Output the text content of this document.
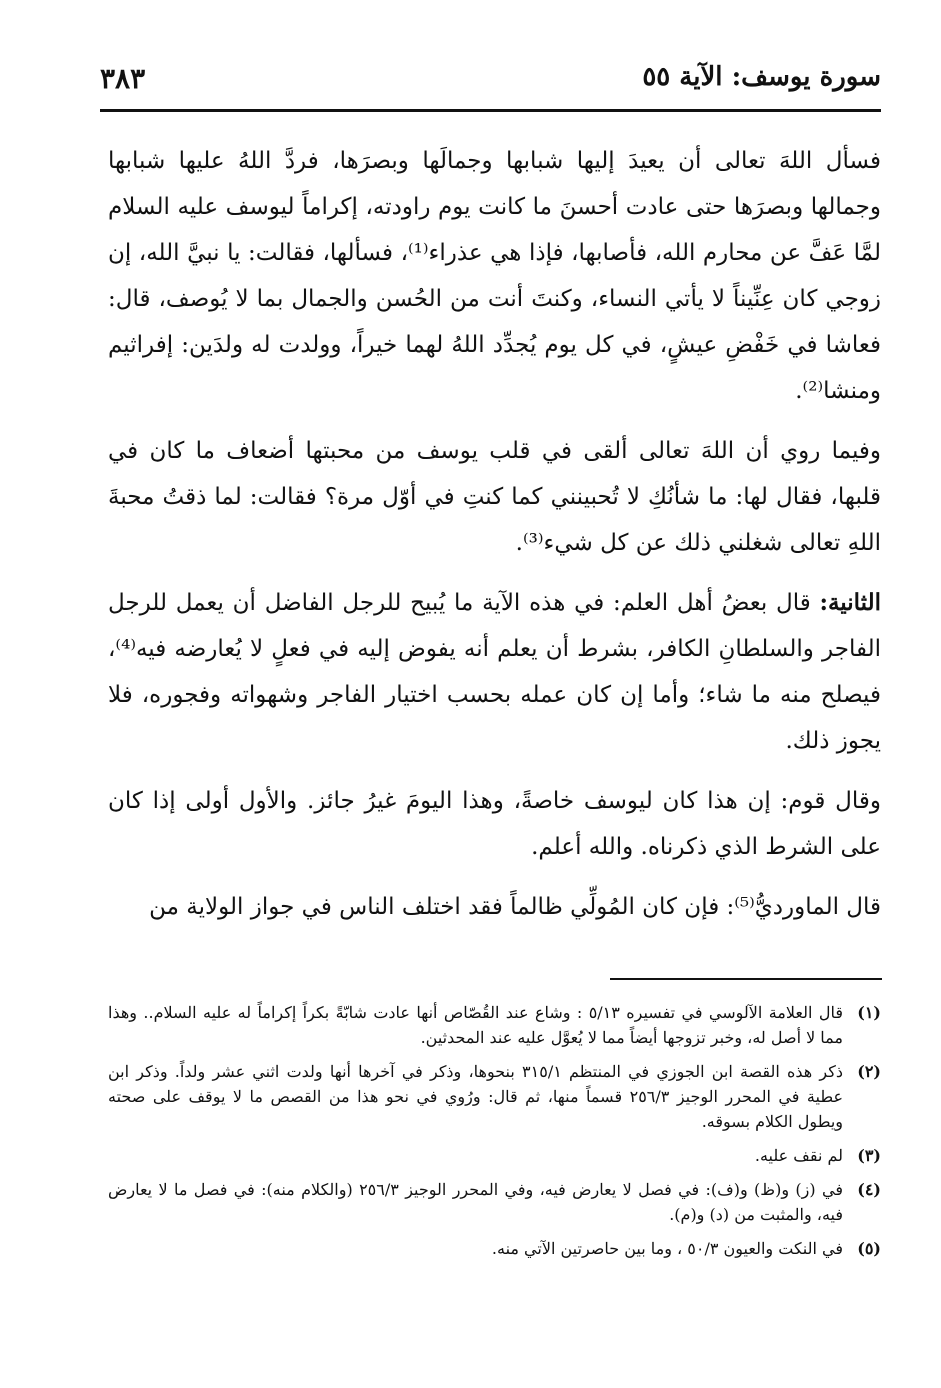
سورة يوسف: الآية ٥٥
٣٨٣

فسأل اللهَ تعالى أن يعيدَ إليها شبابها وجمالَها وبصرَها، فردَّ اللهُ عليها شبابها وجمالها وبصرَها حتى عادت أحسنَ ما كانت يوم راودته، إكراماً ليوسف عليه السلام لمَّا عَفَّ عن محارم الله، فأصابها، فإذا هي عذراء⁽¹⁾، فسألها، فقالت: يا نبيَّ الله، إن زوجي كان عِنِّيناً لا يأتي النساء، وكنتَ أنت من الحُسن والجمال بما لا يُوصف، قال: فعاشا في خَفْضِ عيشٍ، في كل يوم يُجدِّد اللهُ لهما خيراً، وولدت له ولدَين: إفراثيم ومنشا⁽²⁾.

وفيما روي أن اللهَ تعالى ألقى في قلب يوسف من محبتها أضعاف ما كان في قلبها، فقال لها: ما شأنُكِ لا تُحبينني كما كنتِ في أوّل مرة؟ فقالت: لما ذقتُ محبةَ اللهِ تعالى شغلني ذلك عن كل شيء⁽³⁾.

الثانية: قال بعضُ أهل العلم: في هذه الآية ما يُبيح للرجل الفاضل أن يعمل للرجل الفاجر والسلطانِ الكافر، بشرط أن يعلم أنه يفوض إليه في فعلٍ لا يُعارضه فيه⁽⁴⁾، فيصلح منه ما شاء؛ وأما إن كان عمله بحسب اختيار الفاجر وشهواته وفجوره، فلا يجوز ذلك.

وقال قوم: إن هذا كان ليوسف خاصةً، وهذا اليومَ غيرُ جائز. والأول أولى إذا كان على الشرط الذي ذكرناه. والله أعلم.

قال الماورديُّ⁽⁵⁾: فإن كان المُولِّي ظالماً فقد اختلف الناس في جواز الولاية من

(١)
قال العلامة الآلوسي في تفسيره ٥/١٣ : وشاع عند القُصّاص أنها عادت شابّةً بكراً إكراماً له عليه السلام.. وهذا مما لا أصل له، وخبر تزوجها أيضاً مما لا يُعوَّل عليه عند المحدثين.
(٢)
ذكر هذه القصة ابن الجوزي في المنتظم ٣١٥/١ بنحوها، وذكر في آخرها أنها ولدت اثني عشر ولداً. وذكر ابن عطية في المحرر الوجيز ٢٥٦/٣ قسماً منها، ثم قال: ورُوي في نحو هذا من القصص ما لا يوقف على صحته ويطول الكلام بسوقه.
(٣)
لم نقف عليه.
(٤)
في (ز) و(ظ) و(ف): في فصل لا يعارض فيه، وفي المحرر الوجيز ٢٥٦/٣ (والكلام منه): في فصل ما لا يعارض فيه، والمثبت من (د) و(م).
(٥)
في النكت والعيون ٥٠/٣ ، وما بين حاصرتين الآتي منه.
